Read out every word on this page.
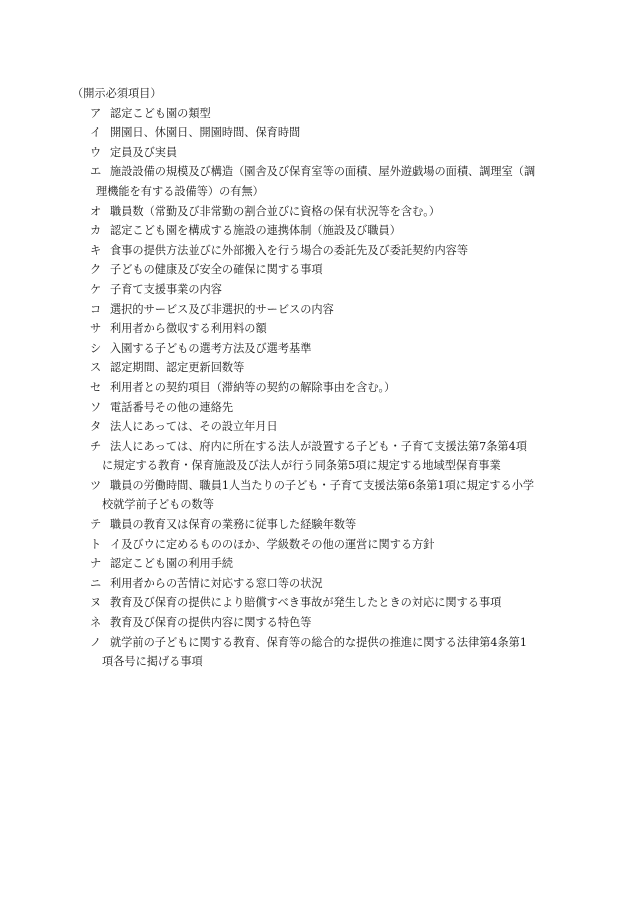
（開示必須項目）
ア 認定こども園の類型
イ 開園日、休園日、開園時間、保育時間
ウ 定員及び実員
エ 施設設備の規模及び構造（園舎及び保育室等の面積、屋外遊戯場の面積、調理室（調
理機能を有する設備等）の有無）
オ 職員数（常勤及び非常勤の割合並びに資格の保有状況等を含む。）
カ 認定こども園を構成する施設の連携体制（施設及び職員）
キ 食事の提供方法並びに外部搬入を行う場合の委託先及び委託契約内容等
ク 子どもの健康及び安全の確保に関する事項
ケ 子育て支援事業の内容
コ 選択的サービス及び非選択的サービスの内容
サ 利用者から徴収する利用料の額
シ 入園する子どもの選考方法及び選考基準
ス 認定期間、認定更新回数等
セ 利用者との契約項目（滞納等の契約の解除事由を含む。）
ソ 電話番号その他の連絡先
タ 法人にあっては、その設立年月日
チ 法人にあっては、府内に所在する法人が設置する子ども・子育て支援法第7条第4項
に規定する教育・保育施設及び法人が行う同条第5項に規定する地域型保育事業
ツ 職員の労働時間、職員1人当たりの子ども・子育て支援法第6条第1項に規定する小学
校就学前子どもの数等
テ 職員の教育又は保育の業務に従事した経験年数等
ト イ及びウに定めるもののほか、学級数その他の運営に関する方針
ナ 認定こども園の利用手続
ニ 利用者からの苦情に対応する窓口等の状況
ヌ 教育及び保育の提供により賠償すべき事故が発生したときの対応に関する事項
ネ 教育及び保育の提供内容に関する特色等
ノ 就学前の子どもに関する教育、保育等の総合的な提供の推進に関する法律第4条第1
項各号に掲げる事項
